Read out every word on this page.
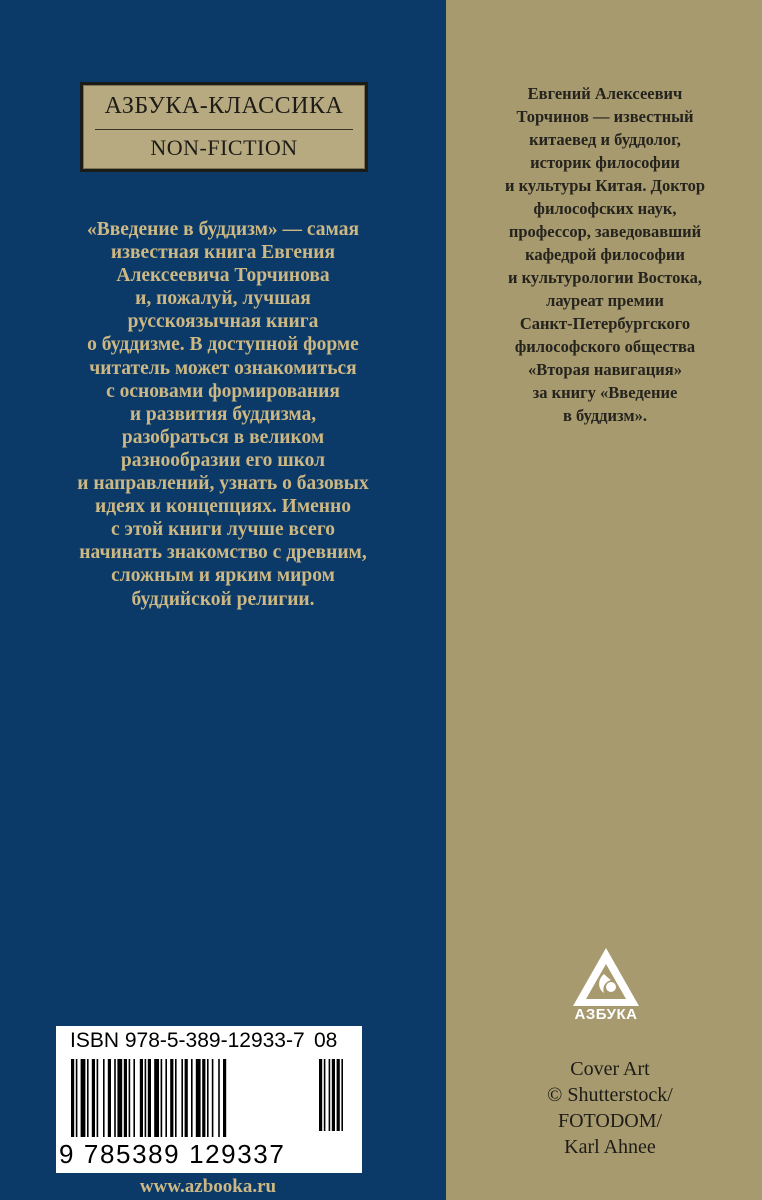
АЗБУКА-КЛАССИКА
NON-FICTION
«Введение в буддизм» — самая
известная книга Евгения
Алексеевича Торчинова
и, пожалуй, лучшая
русскоязычная книга
о буддизме. В доступной форме
читатель может ознакомиться
с основами формирования
и развития буддизма,
разобраться в великом
разнообразии его школ
и направлений, узнать о базовых
идеях и концепциях. Именно
с этой книги лучше всего
начинать знакомство с древним,
сложным и ярким миром
буддийской религии.
Евгений Алексеевич
Торчинов — известный
китаевед и буддолог,
историк философии
и культуры Китая. Доктор
философских наук,
профессор, заведовавший
кафедрой философии
и культурологии Востока,
лауреат премии
Санкт-Петербургского
философского общества
«Вторая навигация»
за книгу «Введение
в буддизм».
АЗБУКА
Cover Art
© Shutterstock/
FOTODOM/
Karl Ahnee
ISBN 978-5-389-12933-7 08
9 785389 129337
www.azbooka.ru
